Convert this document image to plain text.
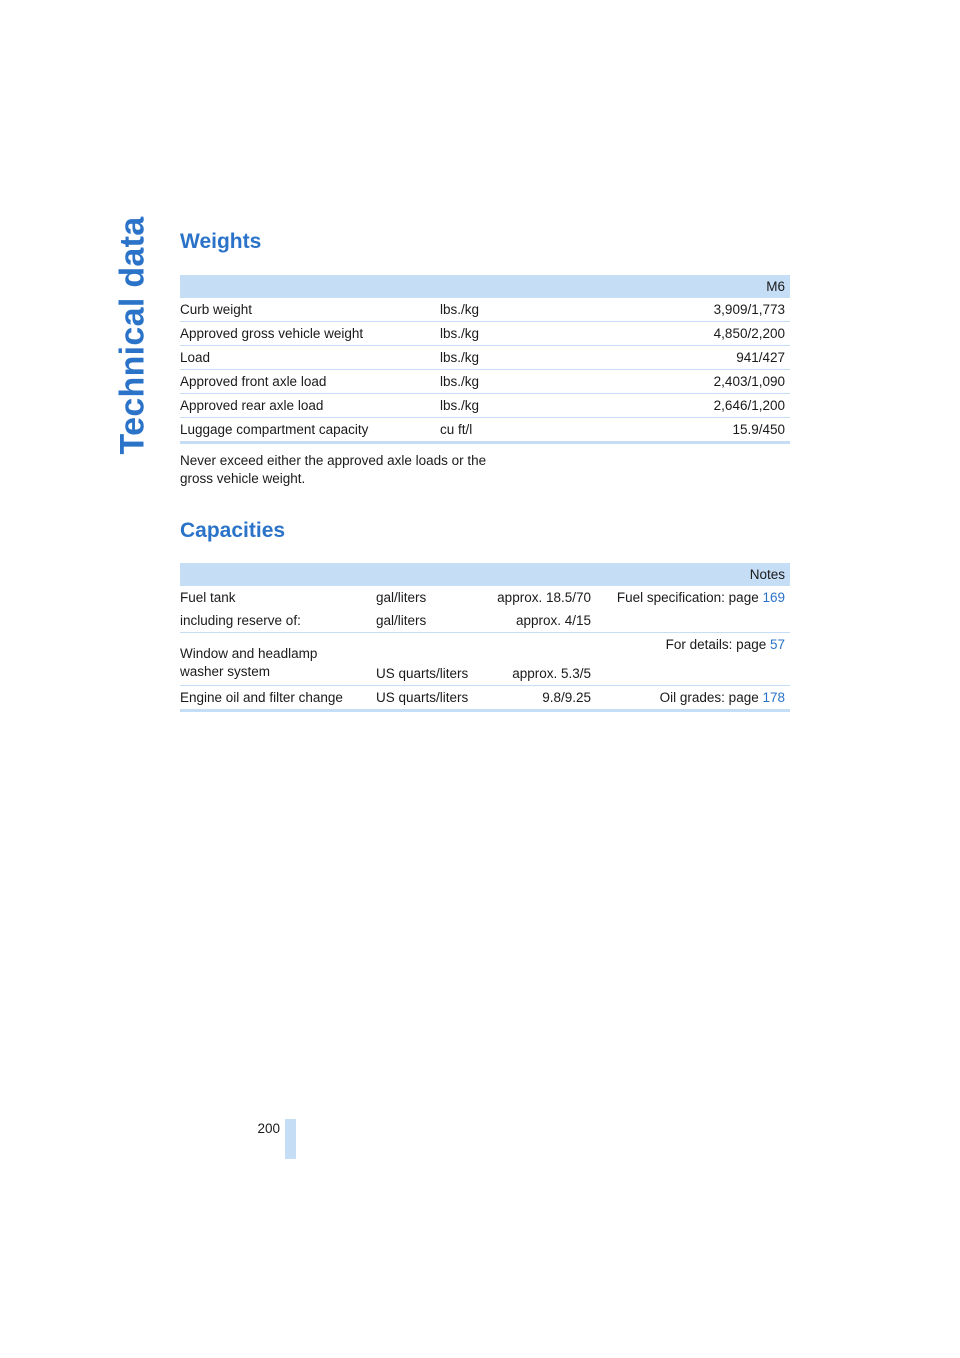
Technical data Weights
		M6
Curb weight	lbs./kg	3,909/1,773
Approved gross vehicle weight	lbs./kg	4,850/2,200
Load	lbs./kg	941/427
Approved front axle load	lbs./kg	2,403/1,090
Approved rear axle load	lbs./kg	2,646/1,200
Luggage compartment capacity	cu ft/l	15.9/450

Never exceed either the approved axle loads or the gross vehicle weight.

Capacities
			Notes
Fuel tank	gal/liters	approx. 18.5/70	Fuel specification: page 169
including reserve of:	gal/liters	approx. 4/15	

Window and headlamp
washer system	US quarts/liters	approx. 5.3/5	For details: page 57
Engine oil and filter change	US quarts/liters	9.8/9.25	Oil grades: page 178
200
